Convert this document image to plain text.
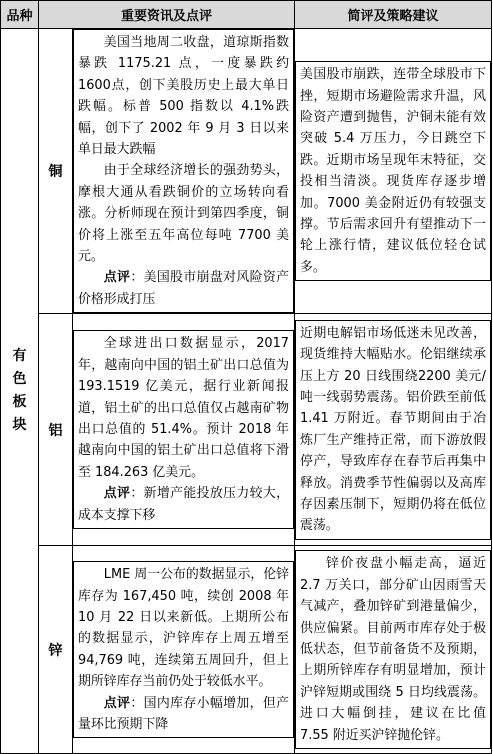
品种	重要资讯及点评		简评及策略建议
有色板块	铜	美国当地周二收盘，道琼斯指数暴跌 1175.21 点，一度暴跌约 1600点，创下美股历史上最大单日跌幅。标普 500 指数以 4.1%跌幅，创下了 2002 年 9 月 3 日以来单日最大跌幅

由于全球经济增长的强劲势头，摩根大通从看跌铜价的立场转向看涨。分析师现在预计到第四季度，铜价将上涨至五年高位每吨 7700 美元。

点评：美国股市崩盘对风险资产价格形成打压	美国股市崩跌，连带全球股市下挫，短期市场避险需求升温，风险资产遭到抛售，沪铜未能有效突破 5.4 万压力，今日跳空下跌。近期市场呈现年末特征，交投相当清淡。现货库存逐步增加。7000 美金附近仍有较强支撑。节后需求回升有望推动下一轮上涨行情，建议低位轻仓试多。

	铝	全球进出口数据显示，2017 年，越南向中国的铝土矿出口总值为193.1519 亿美元，据行业新闻报道，铝土矿的出口总值仅占越南矿物出口总值的 51.4%。预计 2018 年越南向中国的铝土矿出口总值将下滑至 184.263 亿美元。

点评：新增产能投放压力较大，成本支撑下移	近期电解铝市场低迷未见改善，现货维持大幅贴水。伦铝继续承压上方 20 日线围绕2200 美元/吨一线弱势震荡。铝价跌至前低 1.41 万附近。春节期间由于冶炼厂生产维持正常，而下游放假停产，导致库存在春节后再集中释放。消费季节性偏弱以及高库存因素压制下，短期仍将在低位震荡。

	锌	LME 周一公布的数据显示，伦锌库存为 167,450 吨，续创 2008 年 10 月 22 日以来新低。上期所公布的数据显示，沪锌库存上周五增至 94,769 吨，连续第五周回升，但上期所锌库存当前仍处于较低水平。

点评：国内库存小幅增加，但产量环比预期下降	锌价夜盘小幅走高，逼近2.7 万关口，部分矿山因雨雪天气减产，叠加锌矿到港量偏少，供应偏紧。目前两市库存处于极低状态，但节前备货不及预期，上期所锌库存有明显增加，预计沪锌短期或围绕 5 日均线震荡。进口大幅倒挂，建议在比值 7.55 附近买沪锌抛伦锌。
